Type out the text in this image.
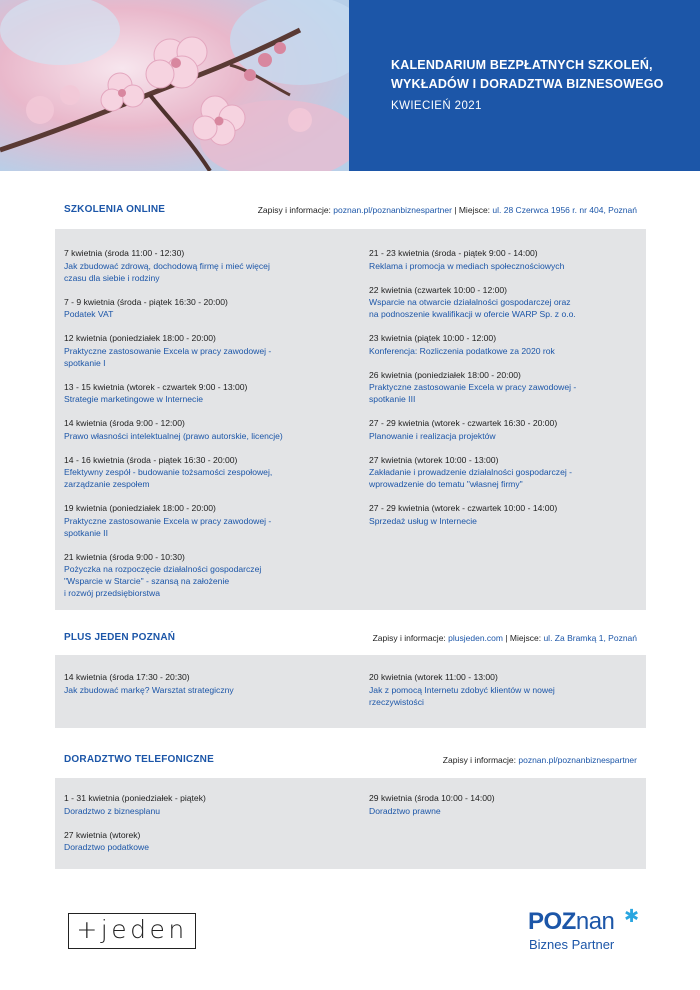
KALENDARIUM BEZPŁATNYCH SZKOLEŃ,
WYKŁADÓW I DORADZTWA BIZNESOWEGO
KWIECIEŃ 2021
SZKOLENIA ONLINE	Zapisy i informacje: poznan.pl/poznanbiznespartner | Miejsce: ul. 28 Czerwca 1956 r. nr 404, Poznań
7 kwietnia (środa 11:00 - 12:30)
Jak zbudować zdrową, dochodową firmę i mieć więcej
czasu dla siebie i rodziny
7 - 9 kwietnia (środa - piątek 16:30 - 20:00)
Podatek VAT
12 kwietnia (poniedziałek 18:00 - 20:00)
Praktyczne zastosowanie Excela w pracy zawodowej -
spotkanie I
13 - 15 kwietnia (wtorek - czwartek 9:00 - 13:00)
Strategie marketingowe w Internecie
14 kwietnia (środa 9:00 - 12:00)
Prawo własności intelektualnej (prawo autorskie, licencje)
14 - 16 kwietnia (środa - piątek 16:30 - 20:00)
Efektywny zespół - budowanie tożsamości zespołowej,
zarządzanie zespołem
19 kwietnia (poniedziałek 18:00 - 20:00)
Praktyczne zastosowanie Excela w pracy zawodowej -
spotkanie II
21 kwietnia (środa 9:00 - 10:30)
Pożyczka na rozpoczęcie działalności gospodarczej
"Wsparcie w Starcie" - szansą na założenie
i rozwój przedsiębiorstwa
21 - 23 kwietnia (środa - piątek 9:00 - 14:00)
Reklama i promocja w mediach społecznościowych
22 kwietnia (czwartek 10:00 - 12:00)
Wsparcie na otwarcie działalności gospodarczej oraz
na podnoszenie kwalifikacji w ofercie WARP Sp. z o.o.
23 kwietnia (piątek 10:00 - 12:00)
Konferencja: Rozliczenia podatkowe za 2020 rok
26 kwietnia (poniedziałek 18:00 - 20:00)
Praktyczne zastosowanie Excela w pracy zawodowej -
spotkanie III
27 - 29 kwietnia (wtorek - czwartek 16:30 - 20:00)
Planowanie i realizacja projektów
27 kwietnia (wtorek 10:00 - 13:00)
Zakładanie i prowadzenie działalności gospodarczej -
wprowadzenie do tematu "własnej firmy"
27 - 29 kwietnia (wtorek - czwartek 10:00 - 14:00)
Sprzedaż usług w Internecie
PLUS JEDEN POZNAŃ	Zapisy i informacje: plusjeden.com | Miejsce: ul. Za Bramką 1, Poznań
14 kwietnia (środa 17:30 - 20:30)
Jak zbudować markę? Warsztat strategiczny
20 kwietnia (wtorek 11:00 - 13:00)
Jak z pomocą Internetu zdobyć klientów w nowej
rzeczywistości
DORADZTWO TELEFONICZNE	Zapisy i informacje: poznan.pl/poznanbiznespartner
1 - 31 kwietnia (poniedziałek - piątek)
Doradztwo z biznesplanu
27 kwietnia (wtorek)
Doradztwo podatkowe
29 kwietnia (środa 10:00 - 14:00)
Doradztwo prawne
+jeden	POZnan ✱
Biznes Partner
